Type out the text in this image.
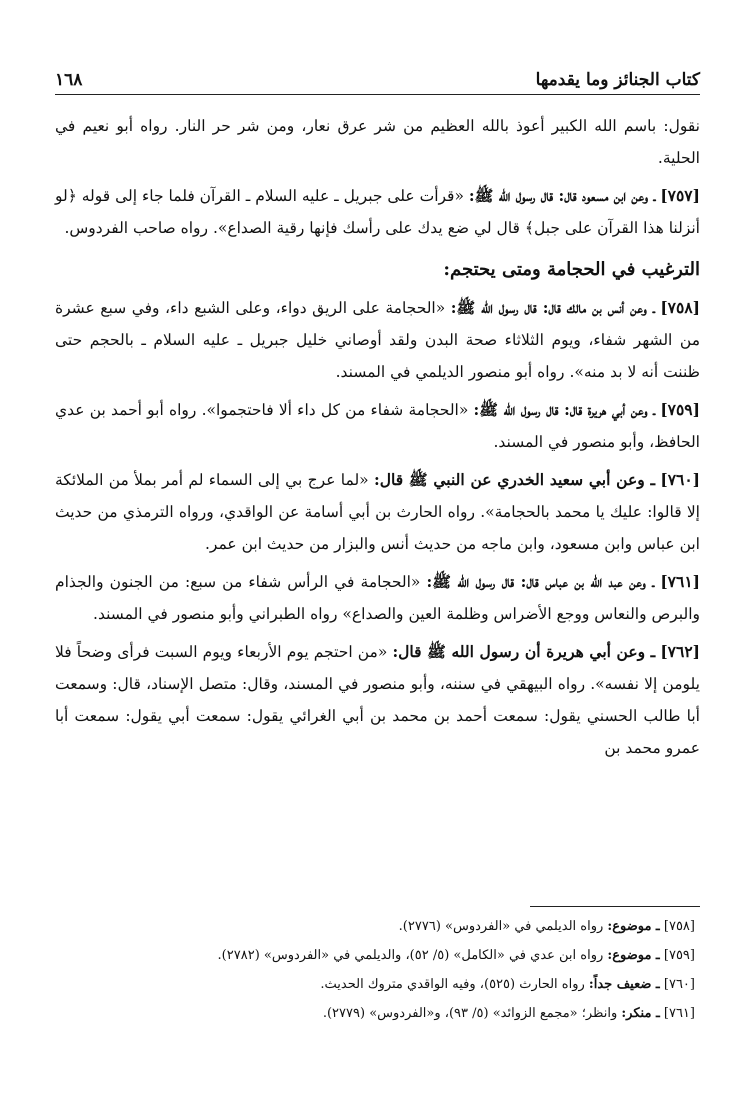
كتاب الجنائز وما يقدمها
١٦٨

نقول: باسم الله الكبير أعوذ بالله العظيم من شر عرق نعار، ومن شر حر النار. رواه أبو نعيم في الحلية.

[٧٥٧] ـ وعن ابن مسعود قال: قال رسول الله ﷺ: «قرأت على جبريل ـ عليه السلام ـ القرآن فلما جاء إلى قوله ﴿لو أنزلنا هذا القرآن على جبل﴾ قال لي ضع يدك على رأسك فإنها رقية الصداع». رواه صاحب الفردوس.

الترغيب في الحجامة ومتى يحتجم:

[٧٥٨] ـ وعن أنس بن مالك قال: قال رسول الله ﷺ: «الحجامة على الريق دواء، وعلى الشبع داء، وفي سبع عشرة من الشهر شفاء، ويوم الثلاثاء صحة البدن ولقد أوصاني خليل جبريل ـ عليه السلام ـ بالحجم حتى ظننت أنه لا بد منه». رواه أبو منصور الديلمي في المسند.

[٧٥٩] ـ وعن أبي هريرة قال: قال رسول الله ﷺ: «الحجامة شفاء من كل داء ألا فاحتجموا». رواه أبو أحمد بن عدي الحافظ، وأبو منصور في المسند.

[٧٦٠] ـ وعن أبي سعيد الخدري عن النبي ﷺ قال: «لما عرج بي إلى السماء لم أمر بملأ من الملائكة إلا قالوا: عليك يا محمد بالحجامة». رواه الحارث بن أبي أسامة عن الواقدي، ورواه الترمذي من حديث ابن عباس وابن مسعود، وابن ماجه من حديث أنس والبزار من حديث ابن عمر.

[٧٦١] ـ وعن عبد الله بن عباس قال: قال رسول الله ﷺ: «الحجامة في الرأس شفاء من سبع: من الجنون والجذام والبرص والنعاس ووجع الأضراس وظلمة العين والصداع» رواه الطبراني وأبو منصور في المسند.

[٧٦٢] ـ وعن أبي هريرة أن رسول الله ﷺ قال: «من احتجم يوم الأربعاء ويوم السبت فرأى وضحاً فلا يلومن إلا نفسه». رواه البيهقي في سننه، وأبو منصور في المسند، وقال: متصل الإسناد، قال: وسمعت أبا طالب الحسني يقول: سمعت أحمد بن محمد بن أبي الغرائي يقول: سمعت أبي يقول: سمعت أبا عمرو محمد بن

[٧٥٨] ـ موضوع: رواه الديلمي في «الفردوس» (٢٧٧٦).

[٧٥٩] ـ موضوع: رواه ابن عدي في «الكامل» (٥/ ٥٢)، والديلمي في «الفردوس» (٢٧٨٢).

[٧٦٠] ـ ضعيف جداً: رواه الحارث (٥٢٥)، وفيه الواقدي متروك الحديث.

[٧٦١] ـ منكر: وانظر؛ «مجمع الزوائد» (٥/ ٩٣)، و«الفردوس» (٢٧٧٩).
